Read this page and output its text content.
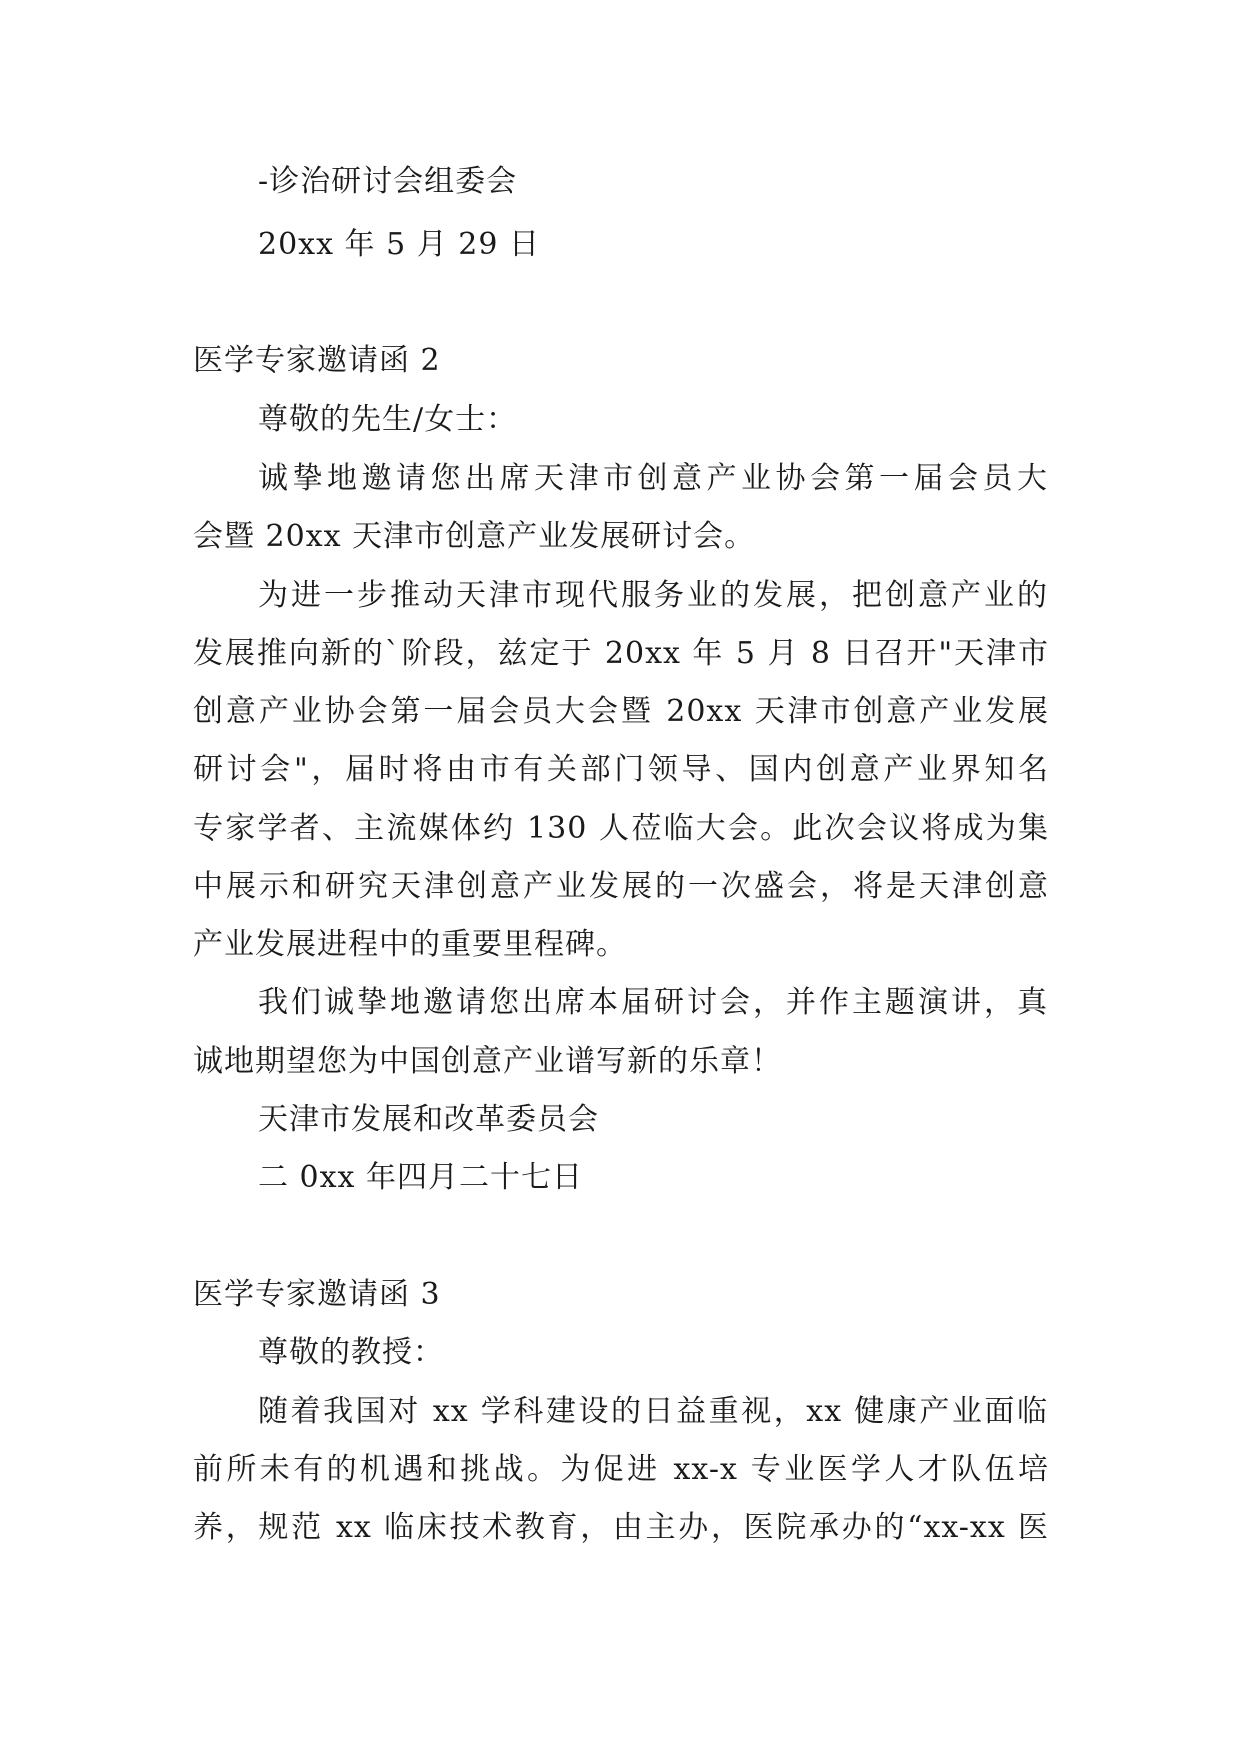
-诊治研讨会组委会
20xx 年 5 月 29 日
医学专家邀请函 2
尊敬的先生/女士：
诚挚地邀请您出席天津市创意产业协会第一届会员大
会暨 20xx 天津市创意产业发展研讨会。
为进一步推动天津市现代服务业的发展，把创意产业的
发展推向新的`阶段，兹定于 20xx 年 5 月 8 日召开"天津市
创意产业协会第一届会员大会暨 20xx 天津市创意产业发展
研讨会"，届时将由市有关部门领导、国内创意产业界知名
专家学者、主流媒体约 130 人莅临大会。此次会议将成为集
中展示和研究天津创意产业发展的一次盛会，将是天津创意
产业发展进程中的重要里程碑。
我们诚挚地邀请您出席本届研讨会，并作主题演讲，真
诚地期望您为中国创意产业谱写新的乐章！
天津市发展和改革委员会
二 0xx 年四月二十七日
医学专家邀请函 3
尊敬的教授：
随着我国对 xx 学科建设的日益重视，xx 健康产业面临
前所未有的机遇和挑战。为促进 xx-x 专业医学人才队伍培
养，规范 xx 临床技术教育，由主办，医院承办的“xx-xx 医
